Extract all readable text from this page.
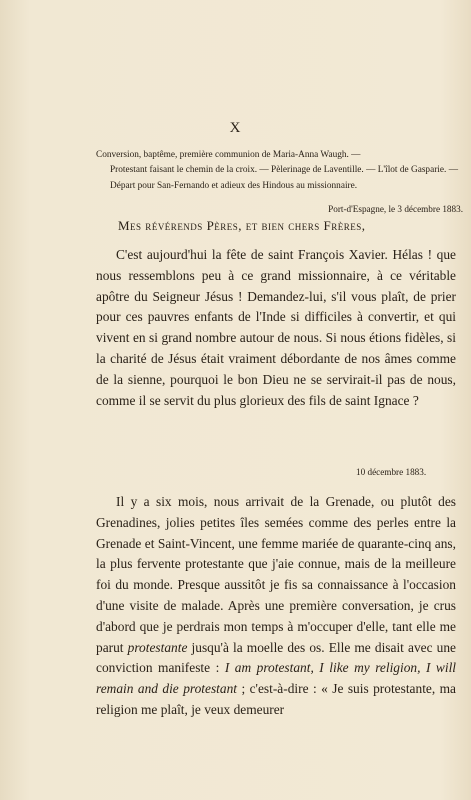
X
Conversion, baptême, première communion de Maria-Anna Waugh. —
Protestant faisant le chemin de la croix. — Pèlerinage de Laventille. — L'îlot de Gasparie. — Départ pour San-Fernando et adieux des Hindous au missionnaire.
Port-d'Espagne, le 3 décembre 1883.
Mes révérends Pères, et bien chers Frères,

C'est aujourd'hui la fête de saint François Xavier. Hélas ! que nous ressemblons peu à ce grand missionnaire, à ce véritable apôtre du Seigneur Jésus ! Demandez-lui, s'il vous plaît, de prier pour ces pauvres enfants de l'Inde si difficiles à convertir, et qui vivent en si grand nombre autour de nous. Si nous étions fidèles, si la charité de Jésus était vraiment débordante de nos âmes comme de la sienne, pourquoi le bon Dieu ne se servirait-il pas de nous, comme il se servit du plus glorieux des fils de saint Ignace ?

10 décembre 1883.

Il y a six mois, nous arrivait de la Grenade, ou plutôt des Grenadines, jolies petites îles semées comme des perles entre la Grenade et Saint-Vincent, une femme mariée de quarante-cinq ans, la plus fervente protestante que j'aie connue, mais de la meilleure foi du monde. Presque aussitôt je fis sa connaissance à l'occasion d'une visite de malade. Après une première conversation, je crus d'abord que je perdrais mon temps à m'occuper d'elle, tant elle me parut protestante jusqu'à la moelle des os. Elle me disait avec une conviction manifeste : I am protestant, I like my religion, I will remain and die protestant ; c'est-à-dire : « Je suis protestante, ma religion me plaît, je veux demeurer
